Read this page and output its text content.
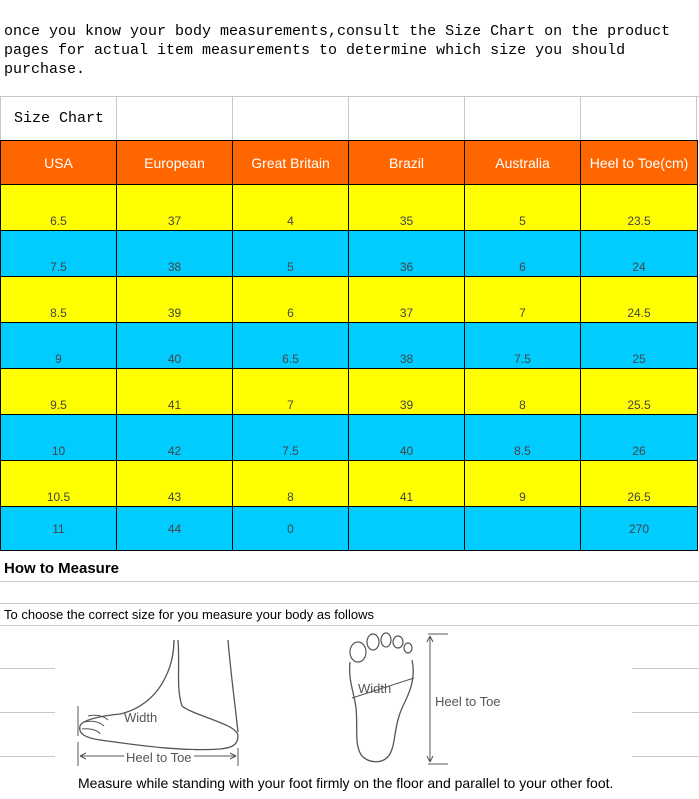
once you know your body measurements,consult the Size Chart on the product
pages for actual item measurements to determine which size you should
purchase.
Size Chart
USA	European	Great Britain	Brazil	Australia	Heel to Toe(cm)
6.5	37	4	35	5	23.5
7.5	38	5	36	6	24
8.5	39	6	37	7	24.5
9	40	6.5	38	7.5	25
9.5	41	7	39	8	25.5
10	42	7.5	40	8.5	26
10.5	43	8	41	9	26.5
11	44	0			270
How to Measure
To choose the correct size for you measure your body as follows
Width
Heel to Toe
Width
Heel to Toe
Measure while standing with your foot firmly on the floor and parallel to your other foot.
